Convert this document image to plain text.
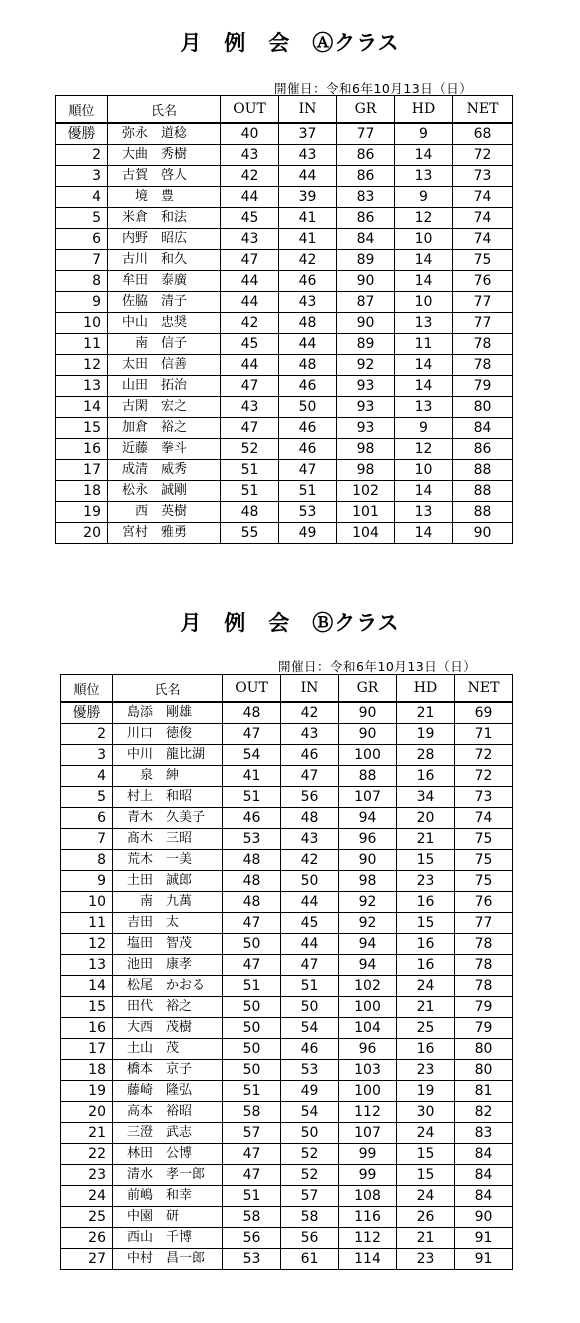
月　例　会　Ⓐクラス
開催日：令和6年10月13日（日）
順位	氏名	OUT	IN	GR	HD	NET
優勝	弥永　道稔	40	37	77	9	68
2	大曲　秀樹	43	43	86	14	72
3	古賀　啓人	42	44	86	13	73
4	　境　豊	44	39	83	9	74
5	米倉　和法	45	41	86	12	74
6	内野　昭広	43	41	84	10	74
7	古川　和久	47	42	89	14	75
8	牟田　泰廣	44	46	90	14	76
9	佐脇　清子	44	43	87	10	77
10	中山　忠奨	42	48	90	13	77
11	　南　信子	45	44	89	11	78
12	太田　信善	44	48	92	14	78
13	山田　拓治	47	46	93	14	79
14	古閑　宏之	43	50	93	13	80
15	加倉　裕之	47	46	93	9	84
16	近藤　拳斗	52	46	98	12	86
17	成清　威秀	51	47	98	10	88
18	松永　誠剛	51	51	102	14	88
19	　西　英樹	48	53	101	13	88
20	宮村　雅勇	55	49	104	14	90
月　例　会　Ⓑクラス
開催日：令和6年10月13日（日）
順位	氏名	OUT	IN	GR	HD	NET
優勝	島添　剛雄	48	42	90	21	69
2	川口　徳俊	47	43	90	19	71
3	中川　龍比湖	54	46	100	28	72
4	　泉　紳	41	47	88	16	72
5	村上　和昭	51	56	107	34	73
6	青木　久美子	46	48	94	20	74
7	髙木　三昭	53	43	96	21	75
8	荒木　一美	48	42	90	15	75
9	土田　誠郎	48	50	98	23	75
10	　南　九萬	48	44	92	16	76
11	吉田　太	47	45	92	15	77
12	塩田　智茂	50	44	94	16	78
13	池田　康孝	47	47	94	16	78
14	松尾　かおる	51	51	102	24	78
15	田代　裕之	50	50	100	21	79
16	大西　茂樹	50	54	104	25	79
17	土山　茂	50	46	96	16	80
18	橋本　京子	50	53	103	23	80
19	藤崎　隆弘	51	49	100	19	81
20	高本　裕昭	58	54	112	30	82
21	三澄　武志	57	50	107	24	83
22	林田　公博	47	52	99	15	84
23	清水　孝一郎	47	52	99	15	84
24	前嶋　和幸	51	57	108	24	84
25	中園　研	58	58	116	26	90
26	西山　千博	56	56	112	21	91
27	中村　昌一郎	53	61	114	23	91
